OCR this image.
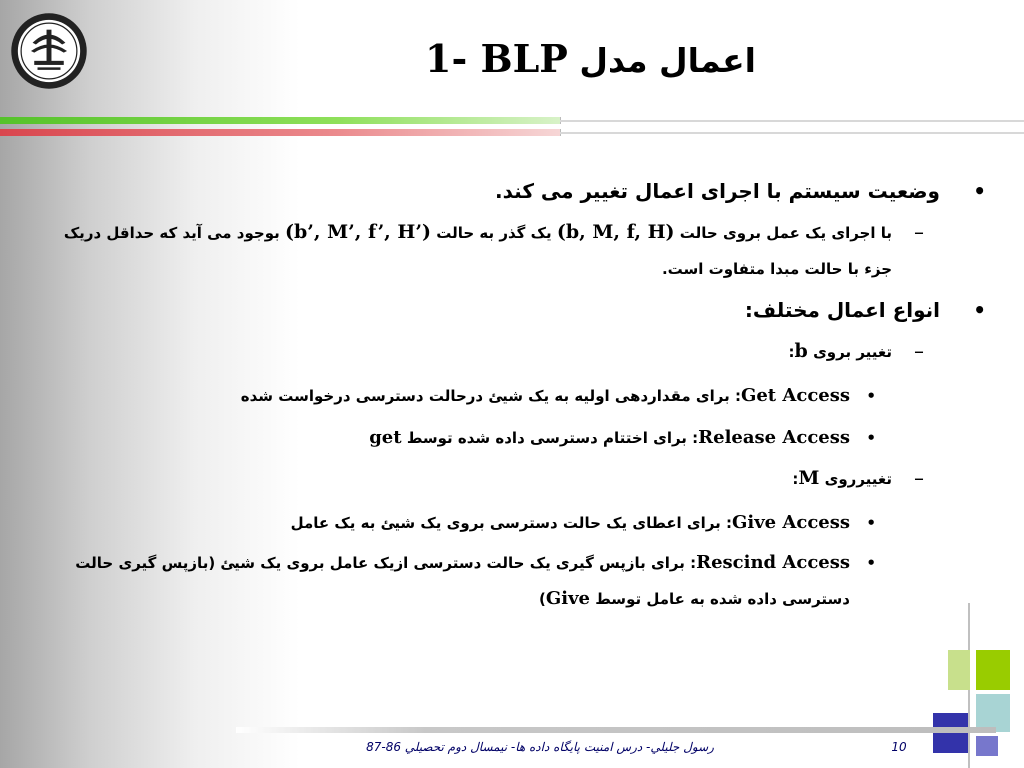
اعمال مدل 1- BLP
•
وضعیت سیستم با اجرای اعمال تغییر می کند.
–
با اجرای یک عمل بروی حالت (b, M, f, H) یک گذر به حالت (b’, M’, f’, H’) بوجود می آید که حداقل دریک جزء با حالت مبدا متفاوت است.
•
انواع اعمال مختلف:
–
تغییر بروی b:
•
Get Access: برای مقداردهی اولیه به یک شیئ درحالت دسترسی درخواست شده
•
Release Access: برای اختتام دسترسی داده شده توسط get
–
تغییرروی M:
•
Give Access: برای اعطای یک حالت دسترسی بروی یک شیئ به یک عامل
•
Rescind Access: برای بازپس گیری یک حالت دسترسی ازیک عامل بروی یک شیئ (بازپس گیری حالت دسترسی داده شده به عامل توسط Give)
رسول جليلي- درس امنيت پايگاه داده ها- نيمسال دوم تحصيلي 86-87	10
